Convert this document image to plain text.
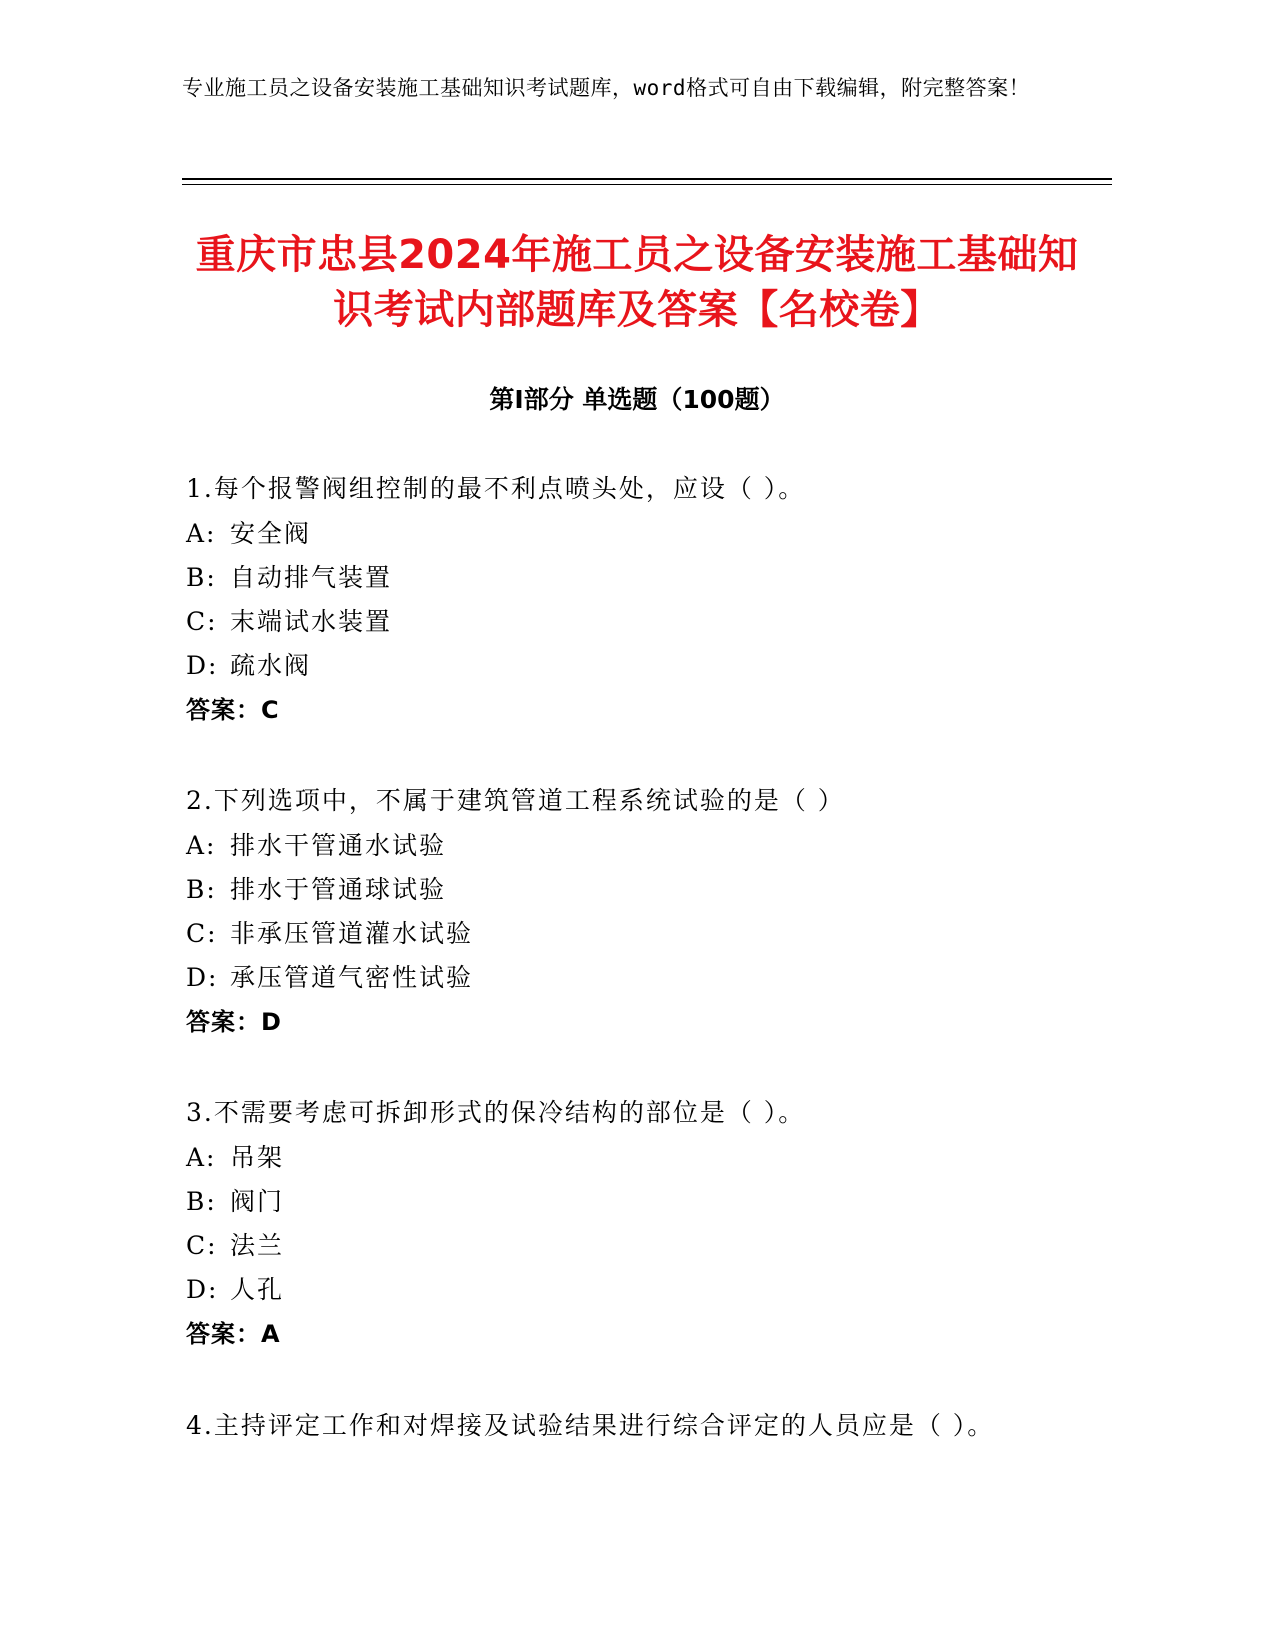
专业施工员之设备安装施工基础知识考试题库，word格式可自由下载编辑，附完整答案！
重庆市忠县2024年施工员之设备安装施工基础知识考试内部题库及答案【名校卷】
第Ⅰ部分 单选题（100题）
1.每个报警阀组控制的最不利点喷头处，应设（ ）。
A: 安全阀
B: 自动排气装置
C: 末端试水装置
D: 疏水阀
答案：C
2.下列选项中，不属于建筑管道工程系统试验的是（ ）
A: 排水干管通水试验
B: 排水于管通球试验
C: 非承压管道灌水试验
D: 承压管道气密性试验
答案：D
3.不需要考虑可拆卸形式的保冷结构的部位是（ ）。
A: 吊架
B: 阀门
C: 法兰
D: 人孔
答案：A
4.主持评定工作和对焊接及试验结果进行综合评定的人员应是（ ）。
